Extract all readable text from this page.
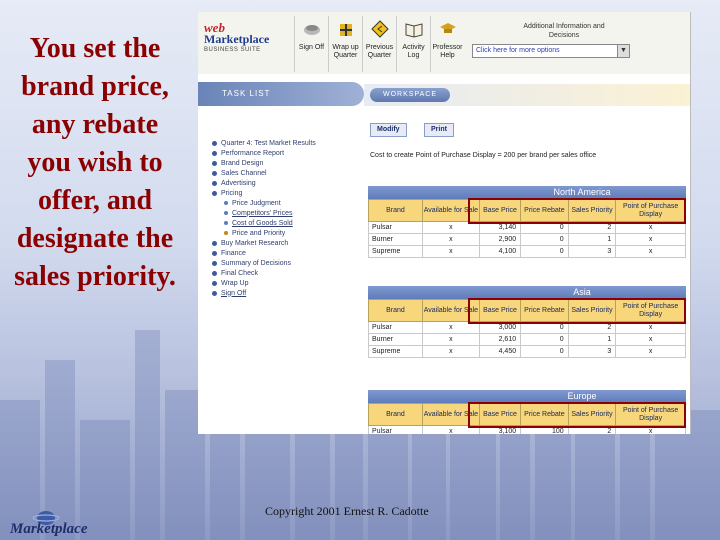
You set the brand price, any rebate you wish to offer, and designate the sales priority.
web
Marketplace
BUSINESS SUITE	Sign Off	Wrap up Quarter
Previous Quarter
Activity Log
Professor Help
Additional Information and Decisions
Click here for more options	▼
TASK LIST
Quarter 4: Test Market Results
Performance Report
Brand Design
Sales Channel
Advertising
Pricing
Price Judgment
Competitors' Prices
Cost of Goods Sold
Price and Priority
Buy Market Research
Finance
Summary of Decisions
Final Check
Wrap Up
Sign Off
WORKSPACE
Modify	Print
Cost to create Point of Purchase Display = 200 per brand per sales office
North America
Brand	Available for Sale	Base Price	Price Rebate	Sales Priority	Point of Purchase Display
Pulsar	x	3,140	0	2	x
Burner	x	2,900	0	1	x
Supreme	x	4,100	0	3	x
Asia
Brand	Available for Sale	Base Price	Price Rebate	Sales Priority	Point of Purchase Display
Pulsar	x	3,000	0	2	x
Burner	x	2,610	0	1	x
Supreme	x	4,450	0	3	x
Europe
Brand	Available for Sale	Base Price	Price Rebate	Sales Priority	Point of Purchase Display
Pulsar	x	3,100	100	2	x
Marketplace
Copyright 2001 Ernest R. Cadotte
